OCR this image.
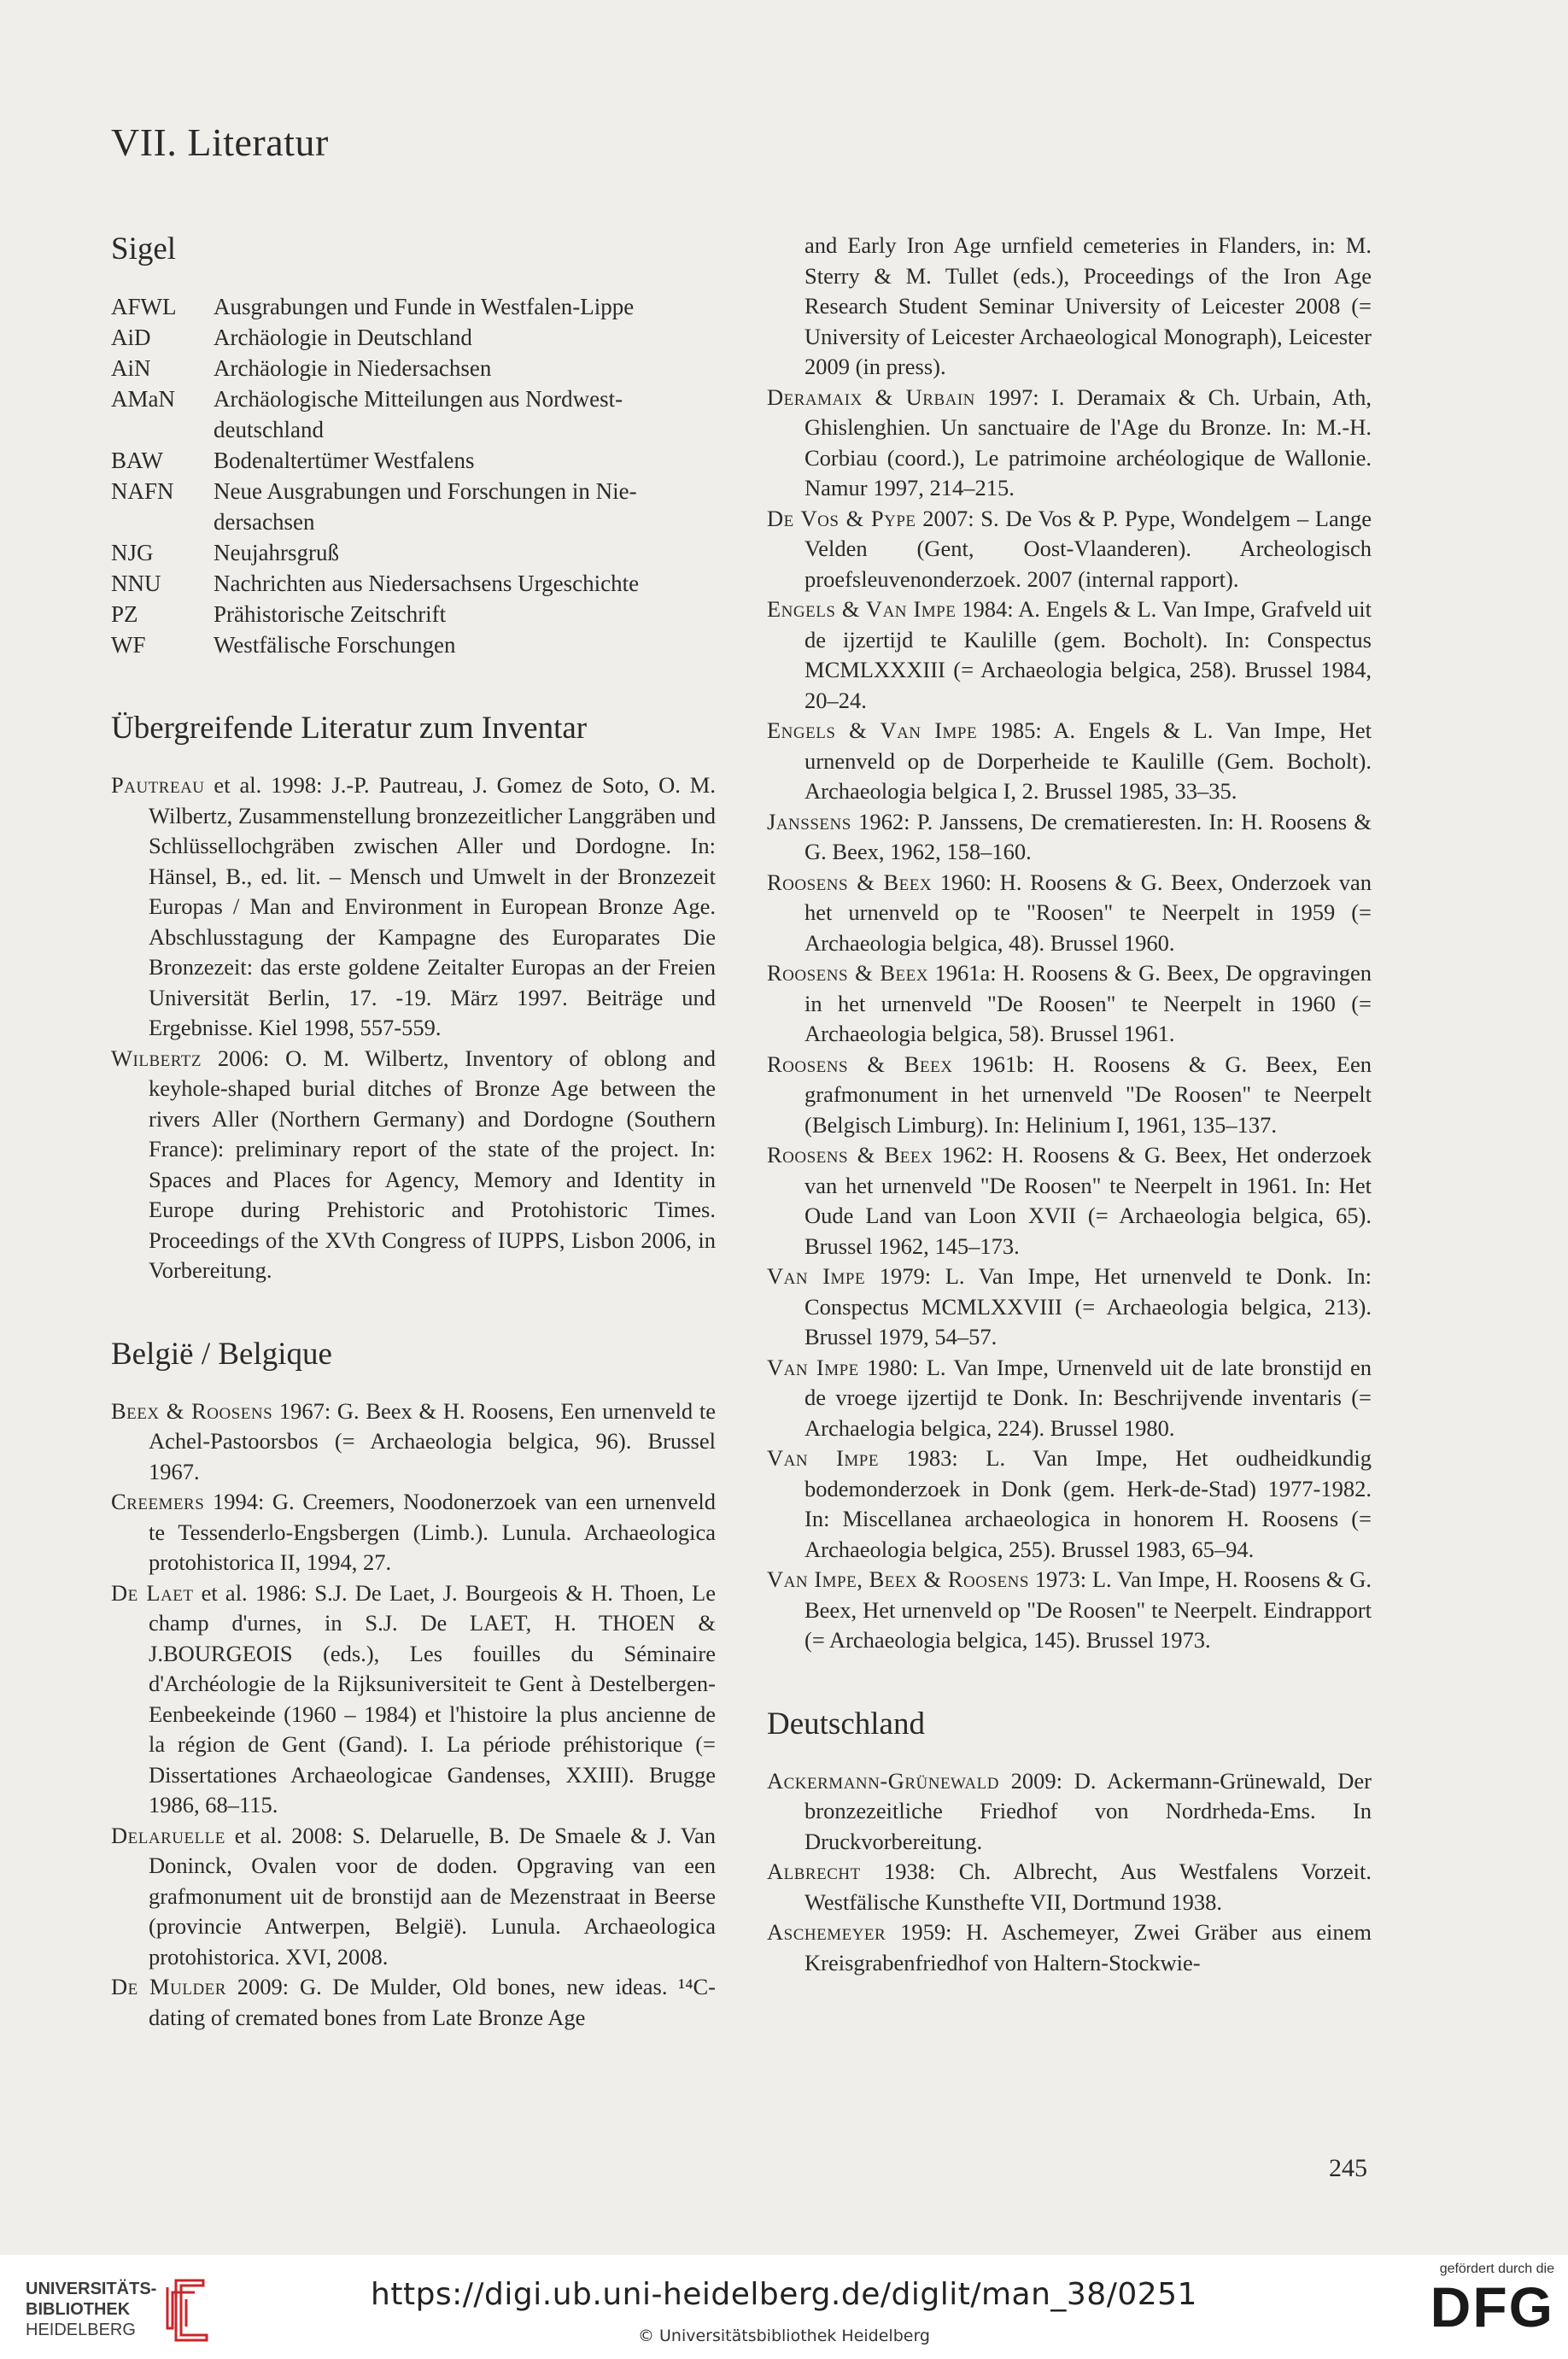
VII. Literatur
Sigel
AFWL	Ausgrabungen und Funde in Westfalen-Lippe
AiD	Archäologie in Deutschland
AiN	Archäologie in Niedersachsen
AMaN	Archäologische Mitteilungen aus Nordwest-deutschland
BAW	Bodenaltertümer Westfalens
NAFN	Neue Ausgrabungen und Forschungen in Nie-dersachsen
NJG	Neujahrsgruß
NNU	Nachrichten aus Niedersachsens Urgeschichte
PZ	Prähistorische Zeitschrift
WF	Westfälische Forschungen
Übergreifende Literatur zum Inventar

Pautreau et al. 1998: J.-P. Pautreau, J. Gomez de Soto, O. M. Wilbertz, Zusammenstellung bronzezeitlicher Langgräben und Schlüssellochgräben zwischen Aller und Dordogne. In: Hänsel, B., ed. lit. – Mensch und Umwelt in der Bronzezeit Europas / Man and Environment in European Bronze Age. Abschlusstagung der Kampagne des Europarates Die Bronzezeit: das erste goldene Zeitalter Europas an der Freien Universität Berlin, 17. -19. März 1997. Beiträge und Ergebnisse. Kiel 1998, 557-559.

Wilbertz 2006: O. M. Wilbertz, Inventory of oblong and keyhole-shaped burial ditches of Bronze Age between the rivers Aller (Northern Germany) and Dordogne (Southern France): preliminary report of the state of the project. In: Spaces and Places for Agency, Memory and Identity in Europe during Prehistoric and Protohistoric Times. Proceedings of the XVth Congress of IUPPS, Lisbon 2006, in Vorbereitung.

België / Belgique

Beex & Roosens 1967: G. Beex & H. Roosens, Een urnenveld te Achel-Pastoorsbos (= Archaeologia belgica, 96). Brussel 1967.

Creemers 1994: G. Creemers, Noodonerzoek van een urnenveld te Tessenderlo-Engsbergen (Limb.). Lunula. Archaeologica protohistorica II, 1994, 27.

De Laet et al. 1986: S.J. De Laet, J. Bourgeois & H. Thoen, Le champ d'urnes, in S.J. De LAET, H. THOEN & J.BOURGEOIS (eds.), Les fouilles du Séminaire d'Archéologie de la Rijksuniversiteit te Gent à Destelbergen-Eenbeekeinde (1960 – 1984) et l'histoire la plus ancienne de la région de Gent (Gand). I. La période préhistorique (= Dissertationes Archaeologicae Gandenses, XXIII). Brugge 1986, 68–115.

Delaruelle et al. 2008: S. Delaruelle, B. De Smaele & J. Van Doninck, Ovalen voor de doden. Opgraving van een grafmonument uit de bronstijd aan de Mezenstraat in Beerse (provincie Antwerpen, België). Lunula. Archaeologica protohistorica. XVI, 2008.

De Mulder 2009: G. De Mulder, Old bones, new ideas. ¹⁴C-dating of cremated bones from Late Bronze Age

and Early Iron Age urnfield cemeteries in Flanders, in: M. Sterry & M. Tullet (eds.), Proceedings of the Iron Age Research Student Seminar University of Leicester 2008 (= University of Leicester Archaeological Monograph), Leicester 2009 (in press).

Deramaix & Urbain 1997: I. Deramaix & Ch. Urbain, Ath, Ghislenghien. Un sanctuaire de l'Age du Bronze. In: M.-H. Corbiau (coord.), Le patrimoine archéologique de Wallonie. Namur 1997, 214–215.

De Vos & Pype 2007: S. De Vos & P. Pype, Wondelgem – Lange Velden (Gent, Oost-Vlaanderen). Archeologisch proefsleuvenonderzoek. 2007 (internal rapport).

Engels & Van Impe 1984: A. Engels & L. Van Impe, Grafveld uit de ijzertijd te Kaulille (gem. Bocholt). In: Conspectus MCMLXXXIII (= Archaeologia belgica, 258). Brussel 1984, 20–24.

Engels & Van Impe 1985: A. Engels & L. Van Impe, Het urnenveld op de Dorperheide te Kaulille (Gem. Bocholt). Archaeologia belgica I, 2. Brussel 1985, 33–35.

Janssens 1962: P. Janssens, De crematieresten. In: H. Roosens & G. Beex, 1962, 158–160.

Roosens & Beex 1960: H. Roosens & G. Beex, Onderzoek van het urnenveld op te "Roosen" te Neerpelt in 1959 (= Archaeologia belgica, 48). Brussel 1960.

Roosens & Beex 1961a: H. Roosens & G. Beex, De opgravingen in het urnenveld "De Roosen" te Neerpelt in 1960 (= Archaeologia belgica, 58). Brussel 1961.

Roosens & Beex 1961b: H. Roosens & G. Beex, Een grafmonument in het urnenveld "De Roosen" te Neerpelt (Belgisch Limburg). In: Helinium I, 1961, 135–137.

Roosens & Beex 1962: H. Roosens & G. Beex, Het onderzoek van het urnenveld "De Roosen" te Neerpelt in 1961. In: Het Oude Land van Loon XVII (= Archaeologia belgica, 65). Brussel 1962, 145–173.

Van Impe 1979: L. Van Impe, Het urnenveld te Donk. In: Conspectus MCMLXXVIII (= Archaeologia belgica, 213). Brussel 1979, 54–57.

Van Impe 1980: L. Van Impe, Urnenveld uit de late bronstijd en de vroege ijzertijd te Donk. In: Beschrijvende inventaris (= Archaelogia belgica, 224). Brussel 1980.

Van Impe 1983: L. Van Impe, Het oudheidkundig bodemonderzoek in Donk (gem. Herk-de-Stad) 1977-1982. In: Miscellanea archaeologica in honorem H. Roosens (= Archaeologia belgica, 255). Brussel 1983, 65–94.

Van Impe, Beex & Roosens 1973: L. Van Impe, H. Roosens & G. Beex, Het urnenveld op "De Roosen" te Neerpelt. Eindrapport (= Archaeologia belgica, 145). Brussel 1973.

Deutschland

Ackermann-Grünewald 2009: D. Ackermann-Grünewald, Der bronzezeitliche Friedhof von Nordrheda-Ems. In Druckvorbereitung.

Albrecht 1938: Ch. Albrecht, Aus Westfalens Vorzeit. Westfälische Kunsthefte VII, Dortmund 1938.

Aschemeyer 1959: H. Aschemeyer, Zwei Gräber aus einem Kreisgrabenfriedhof von Haltern-Stockwie-

245
UNIVERSITÄTS-
BIBLIOTHEK
HEIDELBERG
https://digi.ub.uni-heidelberg.de/diglit/man_38/0251
© Universitätsbibliothek Heidelberg
gefördert durch die
DFG
